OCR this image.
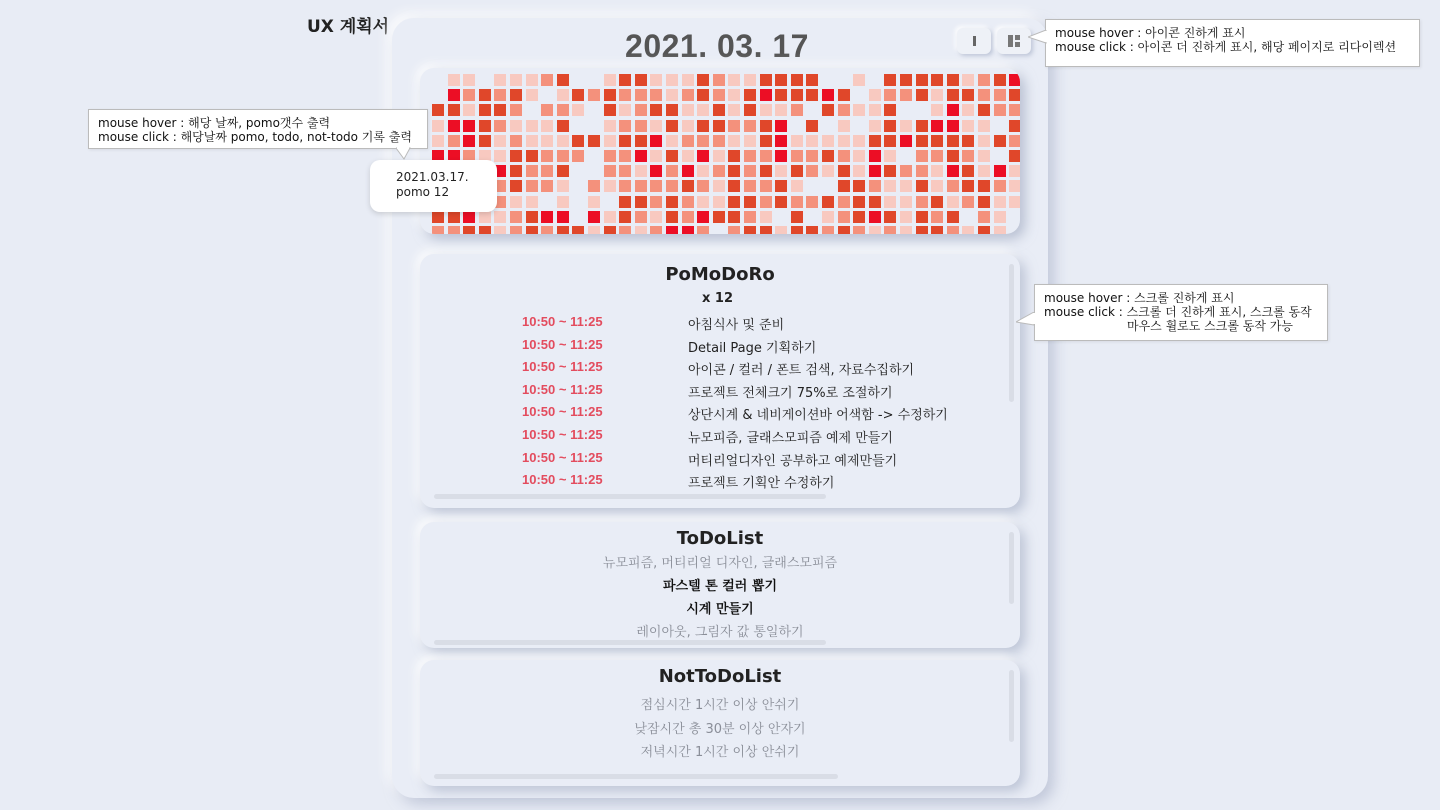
UX 계획서
2021. 03. 17
PoMoDoRo
x 12
10:50 ~ 11:25	아침식사 및 준비
10:50 ~ 11:25	Detail Page 기획하기
10:50 ~ 11:25	아이콘 / 컬러 / 폰트 검색, 자료수집하기
10:50 ~ 11:25	프로젝트 전체크기 75%로 조절하기
10:50 ~ 11:25	상단시계 & 네비게이션바 어색함 -> 수정하기
10:50 ~ 11:25	뉴모피즘, 글래스모피즘 예제 만들기
10:50 ~ 11:25	머티리얼디자인 공부하고 예제만들기
10:50 ~ 11:25	프로젝트 기획안 수정하기
ToDoList
뉴모피즘, 머티리얼 디자인, 글래스모피즘
파스텔 톤 컬러 뽑기
시계 만들기
레이아웃, 그림자 값 통일하기
NotToDoList
점심시간 1시간 이상 안쉬기
낮잠시간 총 30분 이상 안자기
저녁시간 1시간 이상 안쉬기
mouse hover : 아이콘 진하게 표시
mouse click : 아이콘 더 진하게 표시, 해당 페이지로 리다이렉션
mouse hover : 해당 날짜, pomo갯수 출력
mouse click : 해당날짜 pomo, todo, not-todo 기록 출력
2021.03.17.
pomo 12
mouse hover : 스크롤 진하게 표시
mouse click : 스크롤 더 진하게 표시, 스크롤 동작
마우스 휠로도 스크롤 동작 가능
